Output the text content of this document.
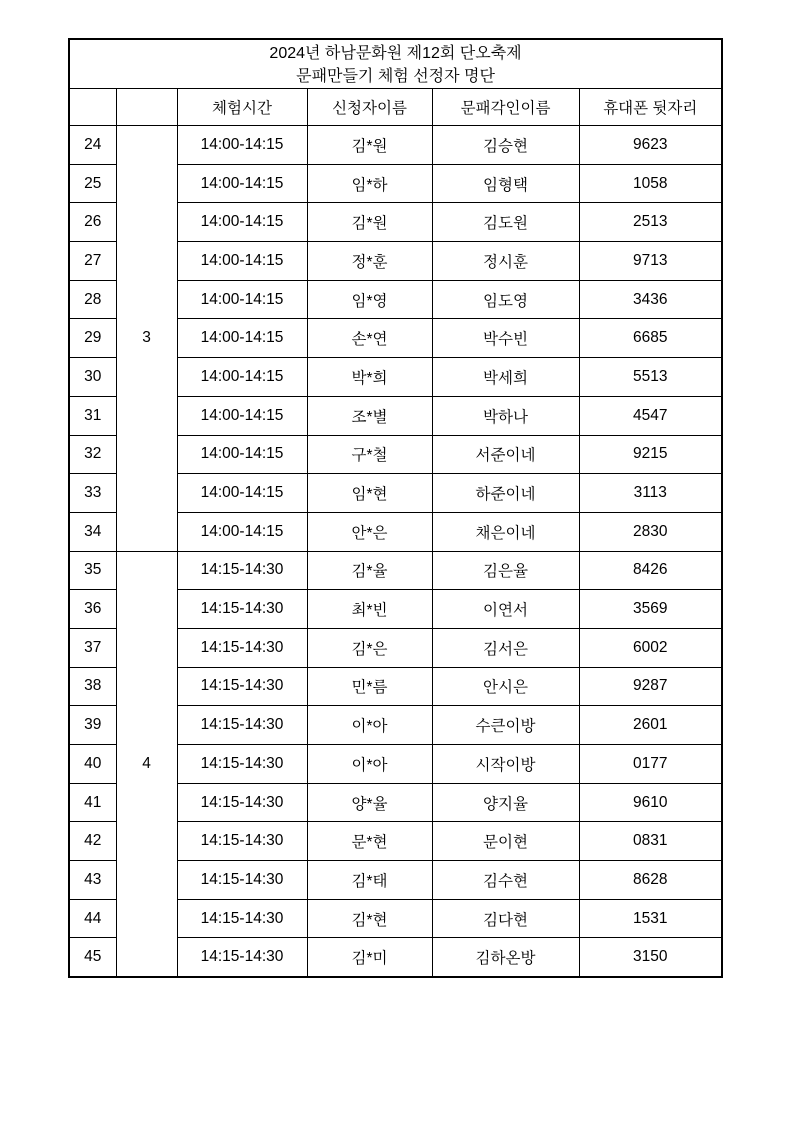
2024년 하남문화원 제12회 단오축제
문패만들기 체험 선정자 명단					

		체험시간	신청자이름	문패각인이름	휴대폰 뒷자리
24	3	14:00-14:15	김*원	김승현	9623
25		14:00-14:15	임*하	임형택	1058
26		14:00-14:15	김*원	김도원	2513
27		14:00-14:15	정*훈	정시훈	9713
28		14:00-14:15	임*영	임도영	3436
29		14:00-14:15	손*연	박수빈	6685
30		14:00-14:15	박*희	박세희	5513
31		14:00-14:15	조*별	박하나	4547
32		14:00-14:15	구*철	서준이네	9215
33		14:00-14:15	임*현	하준이네	3113
34		14:00-14:15	안*은	채은이네	2830
35	4	14:15-14:30	김*율	김은율	8426
36		14:15-14:30	최*빈	이연서	3569
37		14:15-14:30	김*은	김서은	6002
38		14:15-14:30	민*름	안시은	9287
39		14:15-14:30	이*아	수큰이방	2601
40		14:15-14:30	이*아	시작이방	0177
41		14:15-14:30	양*율	양지율	9610
42		14:15-14:30	문*현	문이현	0831
43		14:15-14:30	김*태	김수현	8628
44		14:15-14:30	김*현	김다현	1531
45		14:15-14:30	김*미	김하온방	3150
